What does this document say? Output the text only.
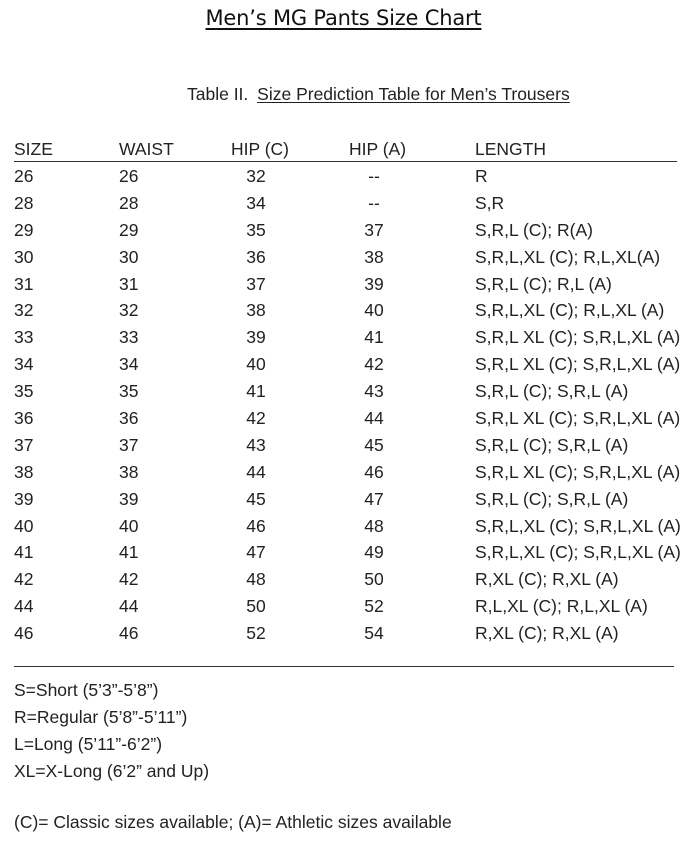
Men’s MG Pants Size Chart
Table II. Size Prediction Table for Men’s Trousers
SIZE	WAIST	HIP (C)	HIP (A)	LENGTH
26	26	32	--	R
28	28	34	--	S,R
29	29	35	37	S,R,L (C); R(A)
30	30	36	38	S,R,L,XL (C); R,L,XL(A)
31	31	37	39	S,R,L (C); R,L (A)
32	32	38	40	S,R,L,XL (C); R,L,XL (A)
33	33	39	41	S,R,L XL (C); S,R,L,XL (A)
34	34	40	42	S,R,L XL (C); S,R,L,XL (A)
35	35	41	43	S,R,L (C); S,R,L (A)
36	36	42	44	S,R,L XL (C); S,R,L,XL (A)
37	37	43	45	S,R,L (C); S,R,L (A)
38	38	44	46	S,R,L XL (C); S,R,L,XL (A)
39	39	45	47	S,R,L (C); S,R,L (A)
40	40	46	48	S,R,L,XL (C); S,R,L,XL (A)
41	41	47	49	S,R,L,XL (C); S,R,L,XL (A)
42	42	48	50	R,XL (C); R,XL (A)
44	44	50	52	R,L,XL (C); R,L,XL (A)
46	46	52	54	R,XL (C); R,XL (A)
S=Short (5’3”-5’8”)
R=Regular (5’8”-5’11”)
L=Long (5’11”-6’2”)
XL=X-Long (6’2” and Up)
(C)= Classic sizes available; (A)= Athletic sizes available
